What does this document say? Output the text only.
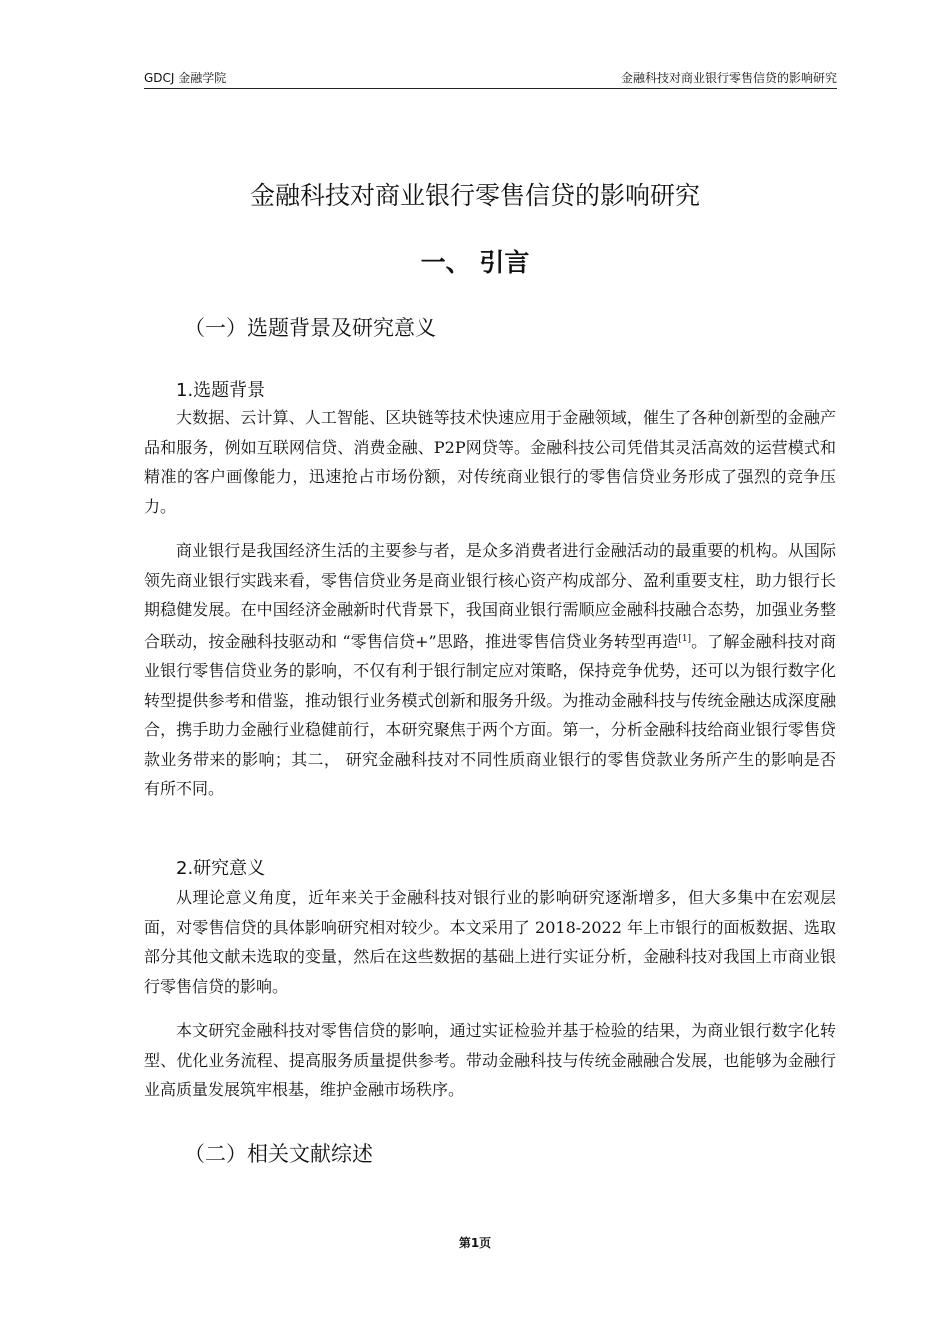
GDCJ 金融学院	金融科技对商业银行零售信贷的影响研究
金融科技对商业银行零售信贷的影响研究
一、 引言
（一）选题背景及研究意义
1.选题背景

大数据、云计算、人工智能、区块链等技术快速应用于金融领域，催生了各种创新型的金融产品和服务，例如互联网信贷、消费金融、P2P网贷等。金融科技公司凭借其灵活高效的运营模式和精准的客户画像能力，迅速抢占市场份额，对传统商业银行的零售信贷业务形成了强烈的竞争压力。

商业银行是我国经济生活的主要参与者，是众多消费者进行金融活动的最重要的机构。从国际领先商业银行实践来看，零售信贷业务是商业银行核心资产构成部分、盈利重要支柱，助力银行长期稳健发展。在中国经济金融新时代背景下，我国商业银行需顺应金融科技融合态势，加强业务整合联动，按金融科技驱动和 “零售信贷+”思路，推进零售信贷业务转型再造[1]。了解金融科技对商业银行零售信贷业务的影响，不仅有利于银行制定应对策略，保持竞争优势，还可以为银行数字化转型提供参考和借鉴，推动银行业务模式创新和服务升级。为推动金融科技与传统金融达成深度融合，携手助力金融行业稳健前行，本研究聚焦于两个方面。第一，分析金融科技给商业银行零售贷款业务带来的影响；其二， 研究金融科技对不同性质商业银行的零售贷款业务所产生的影响是否有所不同。

2.研究意义

从理论意义角度，近年来关于金融科技对银行业的影响研究逐渐增多，但大多集中在宏观层面，对零售信贷的具体影响研究相对较少。本文采用了 2018-2022 年上市银行的面板数据、选取部分其他文献未选取的变量，然后在这些数据的基础上进行实证分析，金融科技对我国上市商业银行零售信贷的影响。

本文研究金融科技对零售信贷的影响，通过实证检验并基于检验的结果，为商业银行数字化转型、优化业务流程、提高服务质量提供参考。带动金融科技与传统金融融合发展，也能够为金融行业高质量发展筑牢根基，维护金融市场秩序。

（二）相关文献综述
第1页
